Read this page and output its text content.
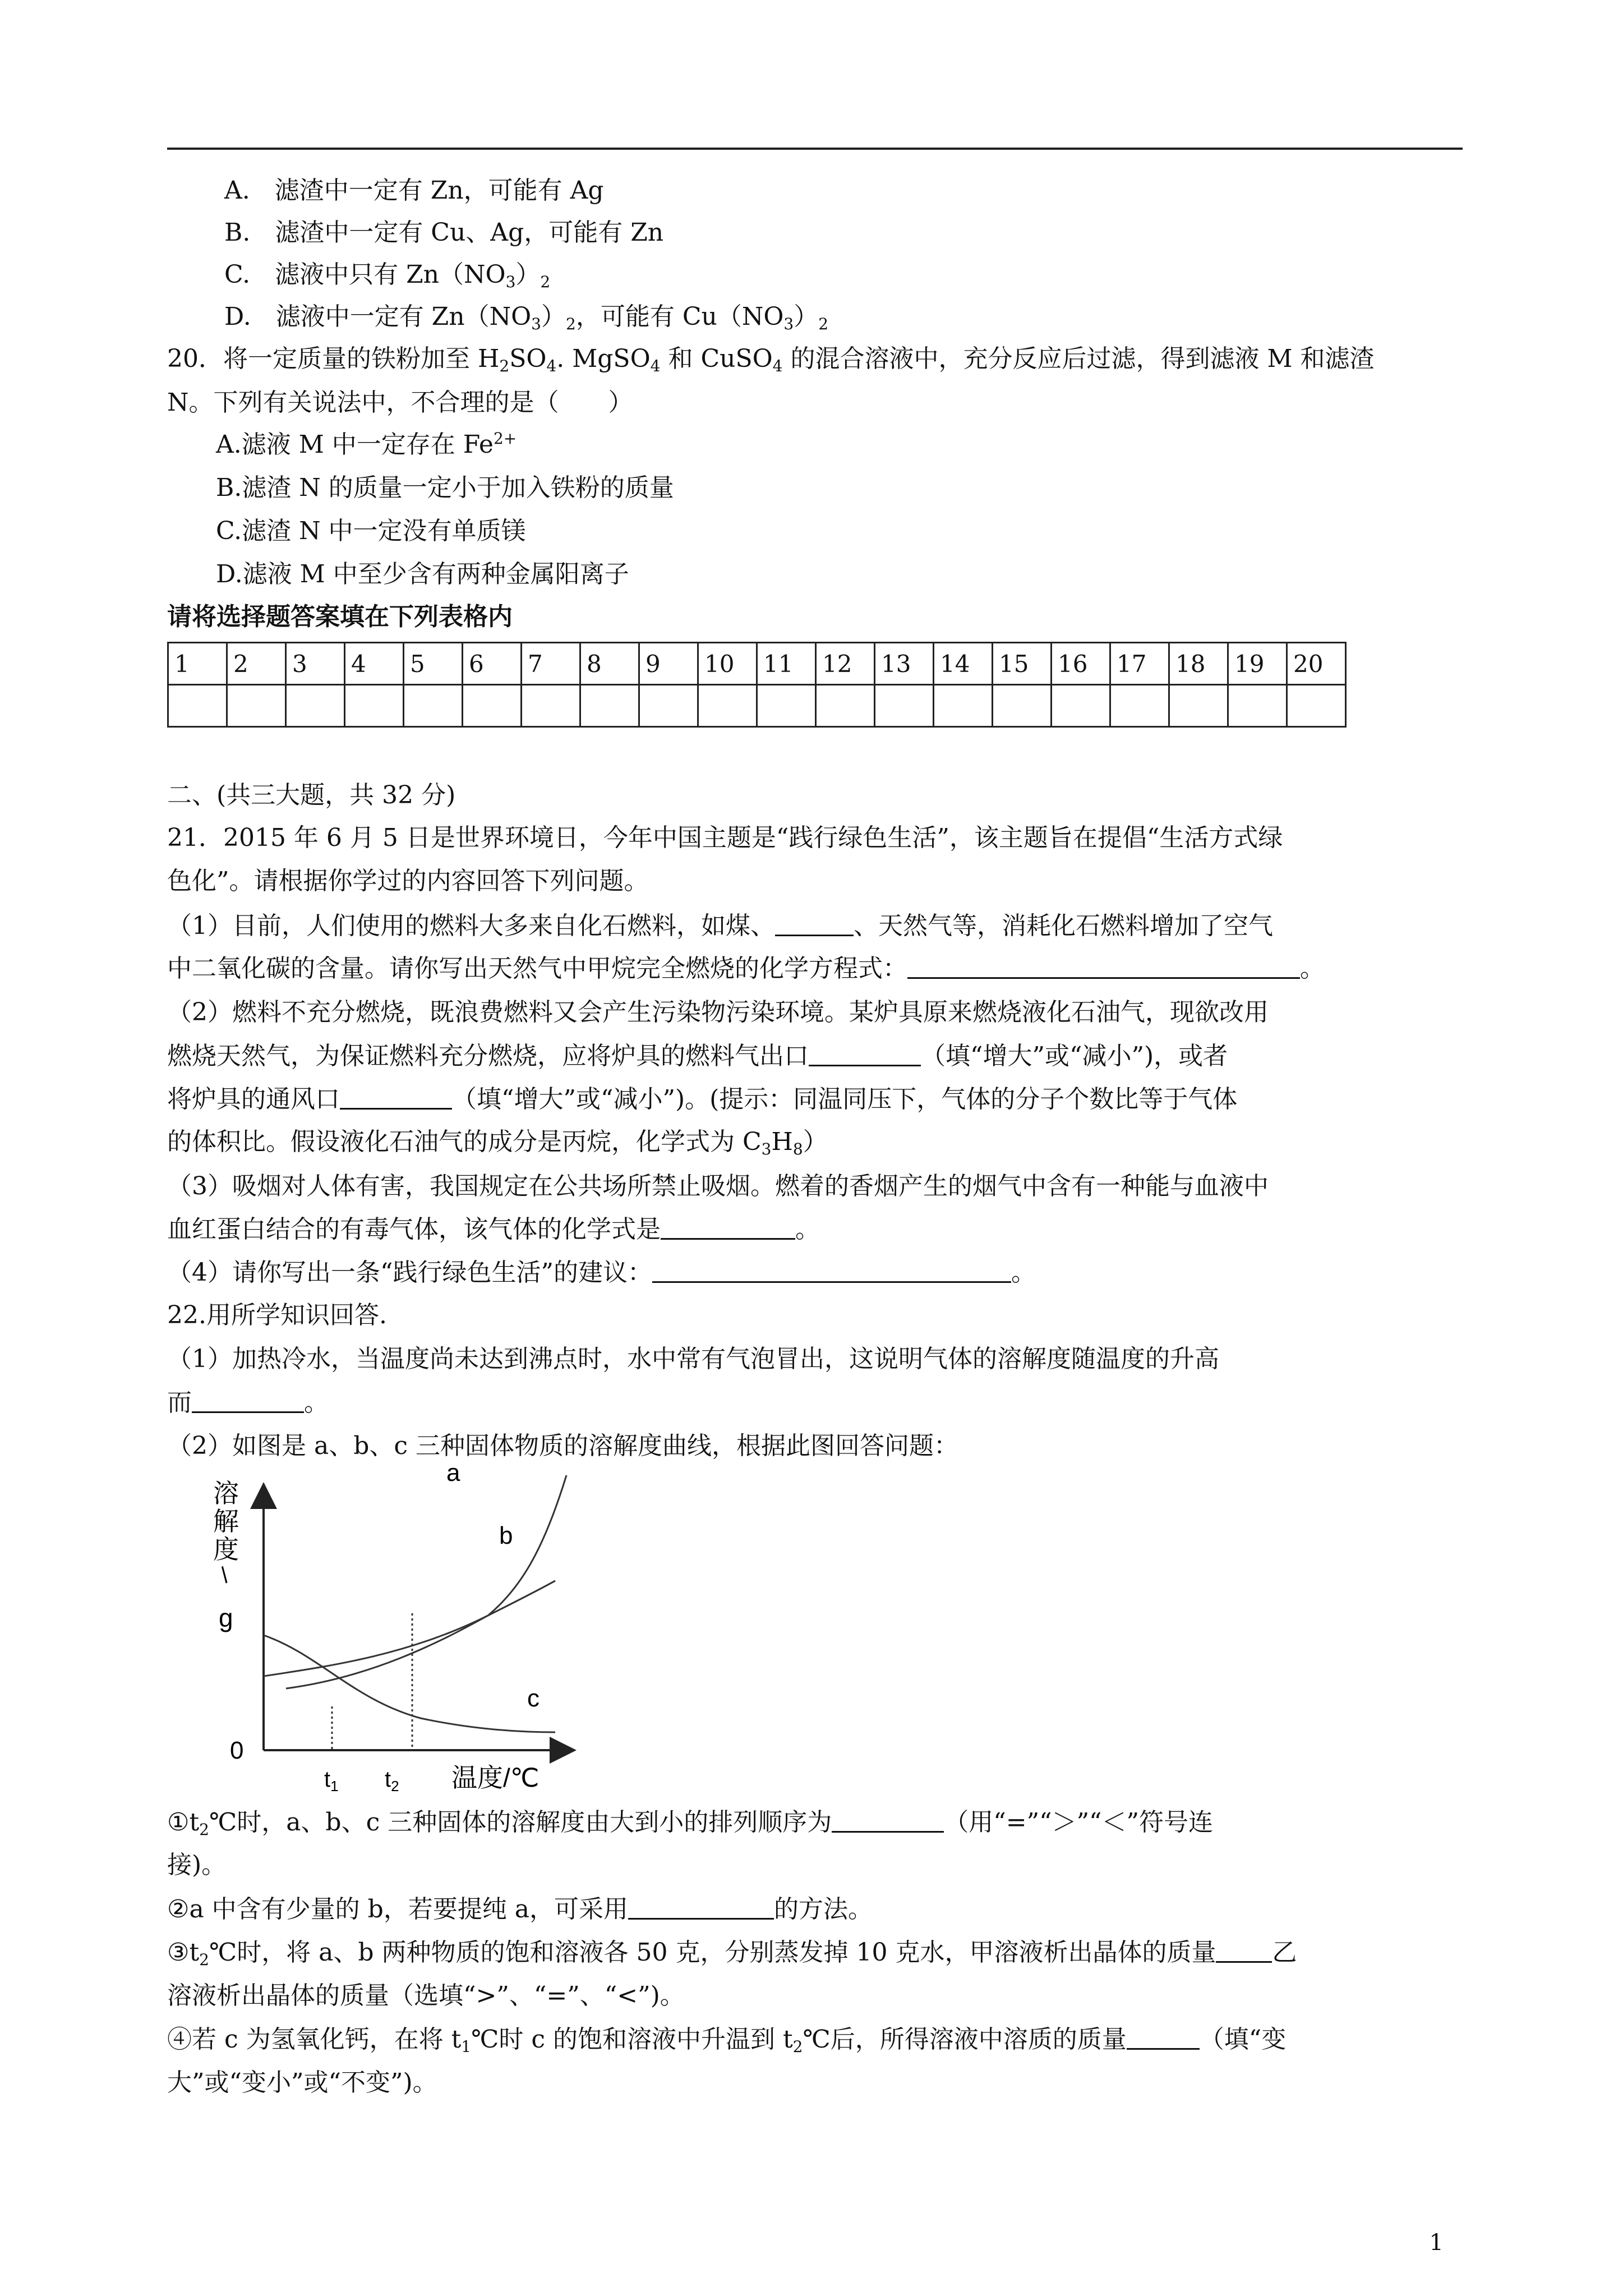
A.　滤渣中一定有 Zn，可能有 Ag
B.　滤渣中一定有 Cu、Ag，可能有 Zn
C.　滤液中只有 $Zn(NO_3)_2$
D.　滤液中一定有 $Zn(NO_3)_2$，可能有 $Cu(NO_3)_2$
20．将一定质量的铁粉加至 $H_2SO_4$. MgSO$_4$ 和 CuSO$_4$ 的混合溶液中，充分反应后过滤，得到滤液 M 和滤渣
N。下列有关说法中，不合理的是（　　）
A.滤液 M 中一定存在 $Fe^{2+}$
B.滤渣 N 的质量一定小于加入铁粉的质量
C.滤渣 N 中一定没有单质镁
D.滤液 M 中至少含有两种金属阳离子
请将选择题答案填在下列表格内
1	2	3	4	5	6	7	8	9	10	11	12	13	14	15	16	17	18	19	20

二、(共三大题，共 32 分)
21．2015 年 6 月 5 日是世界环境日，今年中国主题是“践行绿色生活”，该主题旨在提倡“生活方式绿
色化”。请根据你学过的内容回答下列问题。
（1）目前，人们使用的燃料大多来自化石燃料，如煤、	、天然气等，消耗化石燃料增加了空气
中二氧化碳的含量。请你写出天然气中甲烷完全燃烧的化学方程式：	。
（2）燃料不充分燃烧，既浪费燃料又会产生污染物污染环境。某炉具原来燃烧液化石油气，现欲改用
燃烧天然气，为保证燃料充分燃烧，应将炉具的燃料气出口	（填“增大”或“减小”)，或者
将炉具的通风口	（填“增大”或“减小”)。(提示：同温同压下，气体的分子个数比等于气体
的体积比。假设液化石油气的成分是丙烷，化学式为 $C_3H_8$）
（3）吸烟对人体有害，我国规定在公共场所禁止吸烟。燃着的香烟产生的烟气中含有一种能与血液中
血红蛋白结合的有毒气体，该气体的化学式是	。
（4）请你写出一条“践行绿色生活”的建议：	。
22.用所学知识回答.
（1）加热冷水，当温度尚未达到沸点时，水中常有气泡冒出，这说明气体的溶解度随温度的升高
而	。
（2）如图是 a、b、c 三种固体物质的溶解度曲线，根据此图回答问题：
溶
解
度
/
g
0
a
b
c
$t_1$ $t_2$ 温度/℃
$①t_2℃$时，a、b、c 三种固体的溶解度由大到小的排列顺序为	（用“=”“＞”“＜”符号连
接)。
②a 中含有少量的 b，若要提纯 a，可采用	的方法。
$③t_2℃$时，将 a、b 两种物质的饱和溶液各 50 克，分别蒸发掉 10 克水，甲溶液析出晶体的质量 乙
溶液析出晶体的质量（选填“>”、“=”、“<”)。
④若 c 为氢氧化钙，在将 $t_1℃$时 c 的饱和溶液中升温到 $t_2℃$后，所得溶液中溶质的质量	（填“变
大”或“变小”或“不变”)。
1
